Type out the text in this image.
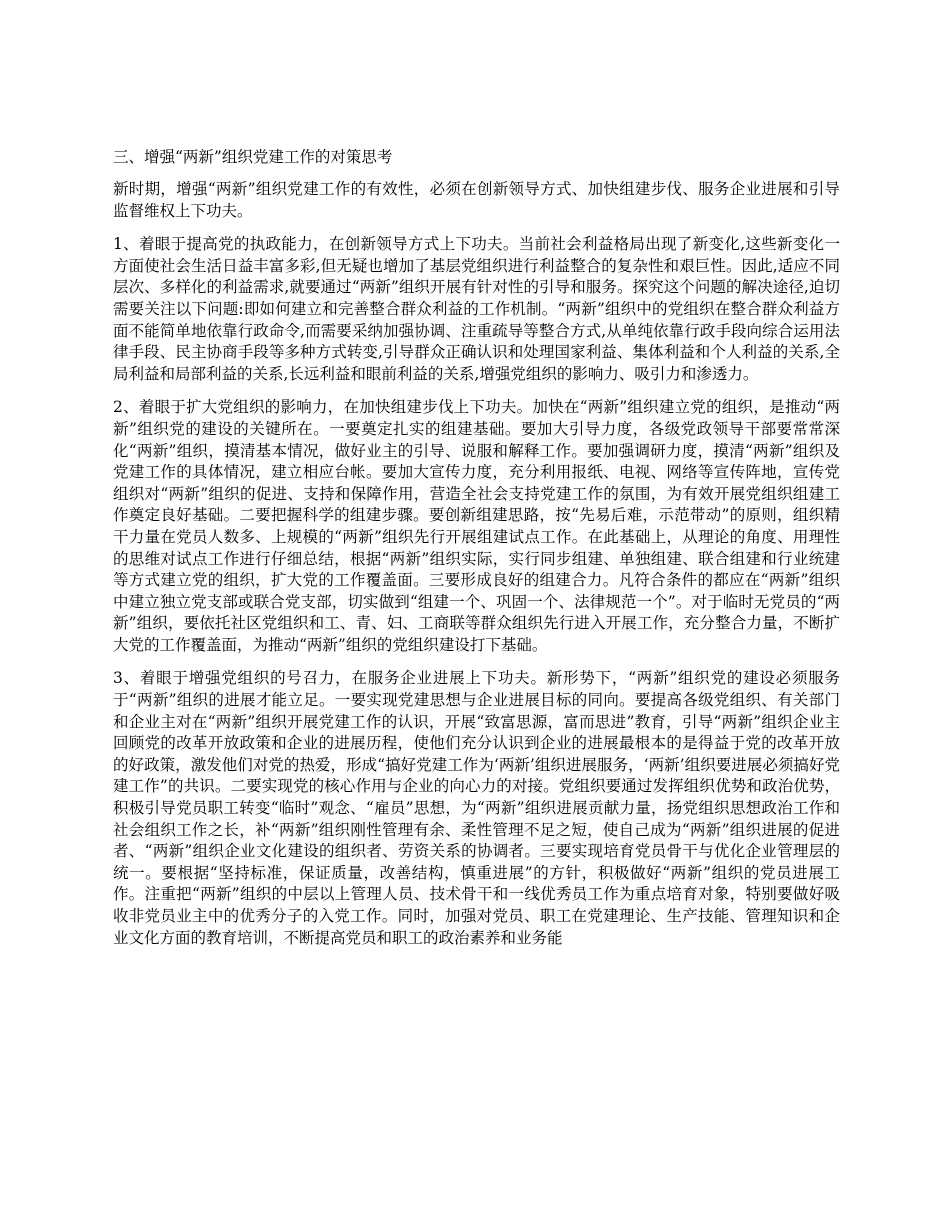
三、增强“两新”组织党建工作的对策思考

新时期，增强“两新”组织党建工作的有效性，必须在创新领导方式、加快组建步伐、服务企业进展和引导监督维权上下功夫。

1、着眼于提高党的执政能力，在创新领导方式上下功夫。当前社会利益格局出现了新变化,这些新变化一方面使社会生活日益丰富多彩,但无疑也增加了基层党组织进行利益整合的复杂性和艰巨性。因此,适应不同层次、多样化的利益需求,就要通过“两新”组织开展有针对性的引导和服务。探究这个问题的解决途径,迫切需要关注以下问题:即如何建立和完善整合群众利益的工作机制。“两新”组织中的党组织在整合群众利益方面不能简单地依靠行政命令,而需要采纳加强协调、注重疏导等整合方式,从单纯依靠行政手段向综合运用法律手段、民主协商手段等多种方式转变,引导群众正确认识和处理国家利益、集体利益和个人利益的关系,全局利益和局部利益的关系,长远利益和眼前利益的关系,增强党组织的影响力、吸引力和渗透力。

2、着眼于扩大党组织的影响力，在加快组建步伐上下功夫。加快在“两新”组织建立党的组织，是推动“两新”组织党的建设的关键所在。一要奠定扎实的组建基础。要加大引导力度，各级党政领导干部要常常深化“两新”组织，摸清基本情况，做好业主的引导、说服和解释工作。要加强调研力度，摸清“两新”组织及党建工作的具体情况，建立相应台帐。要加大宣传力度，充分利用报纸、电视、网络等宣传阵地，宣传党组织对“两新”组织的促进、支持和保障作用，营造全社会支持党建工作的氛围，为有效开展党组织组建工作奠定良好基础。二要把握科学的组建步骤。要创新组建思路，按“先易后难，示范带动”的原则，组织精干力量在党员人数多、上规模的“两新”组织先行开展组建试点工作。在此基础上，从理论的角度、用理性的思维对试点工作进行仔细总结，根据“两新”组织实际，实行同步组建、单独组建、联合组建和行业统建等方式建立党的组织，扩大党的工作覆盖面。三要形成良好的组建合力。凡符合条件的都应在“两新”组织中建立独立党支部或联合党支部，切实做到“组建一个、巩固一个、法律规范一个”。对于临时无党员的“两新”组织，要依托社区党组织和工、青、妇、工商联等群众组织先行进入开展工作，充分整合力量，不断扩大党的工作覆盖面，为推动“两新”组织的党组织建设打下基础。

3、着眼于增强党组织的号召力，在服务企业进展上下功夫。新形势下，“两新”组织党的建设必须服务于“两新”组织的进展才能立足。一要实现党建思想与企业进展目标的同向。要提高各级党组织、有关部门和企业主对在“两新”组织开展党建工作的认识，开展“致富思源，富而思进”教育，引导“两新”组织企业主回顾党的改革开放政策和企业的进展历程，使他们充分认识到企业的进展最根本的是得益于党的改革开放的好政策，激发他们对党的热爱，形成“搞好党建工作为‘两新’组织进展服务，‘两新’组织要进展必须搞好党建工作”的共识。二要实现党的核心作用与企业的向心力的对接。党组织要通过发挥组织优势和政治优势，积极引导党员职工转变“临时”观念、“雇员”思想，为“两新”组织进展贡献力量，扬党组织思想政治工作和社会组织工作之长，补“两新”组织刚性管理有余、柔性管理不足之短，使自己成为“两新”组织进展的促进者、“两新”组织企业文化建设的组织者、劳资关系的协调者。三要实现培育党员骨干与优化企业管理层的统一。要根据“坚持标准，保证质量，改善结构，慎重进展”的方针，积极做好“两新”组织的党员进展工作。注重把“两新”组织的中层以上管理人员、技术骨干和一线优秀员工作为重点培育对象，特别要做好吸收非党员业主中的优秀分子的入党工作。同时，加强对党员、职工在党建理论、生产技能、管理知识和企业文化方面的教育培训，不断提高党员和职工的政治素养和业务能
